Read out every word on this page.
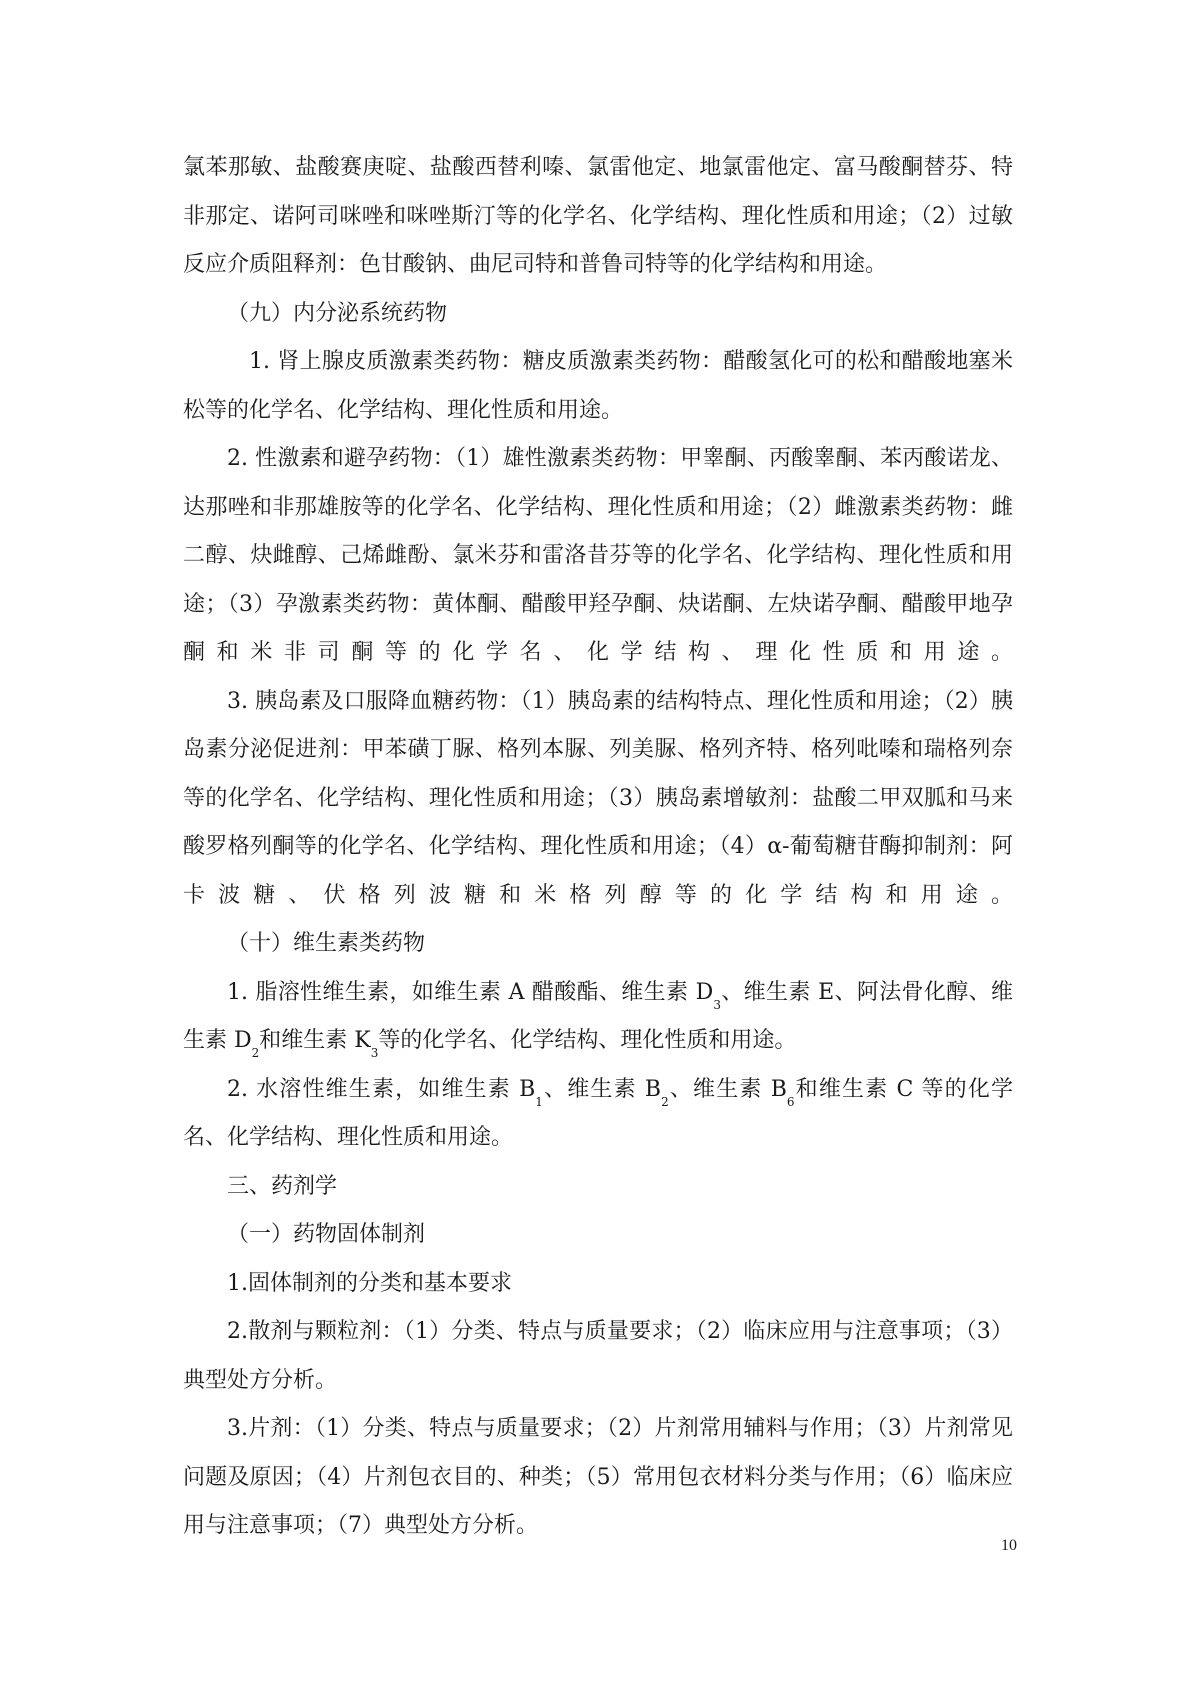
氯苯那敏、盐酸赛庚啶、盐酸西替利嗪、氯雷他定、地氯雷他定、富马酸酮替芬、特非那定、诺阿司咪唑和咪唑斯汀等的化学名、化学结构、理化性质和用途；（2）过敏反应介质阻释剂：色甘酸钠、曲尼司特和普鲁司特等的化学结构和用途。

（九）内分泌系统药物

1. 肾上腺皮质激素类药物：糖皮质激素类药物：醋酸氢化可的松和醋酸地塞米松等的化学名、化学结构、理化性质和用途。

2. 性激素和避孕药物：（1）雄性激素类药物：甲睾酮、丙酸睾酮、苯丙酸诺龙、达那唑和非那雄胺等的化学名、化学结构、理化性质和用途；（2）雌激素类药物：雌二醇、炔雌醇、己烯雌酚、氯米芬和雷洛昔芬等的化学名、化学结构、理化性质和用途；（3）孕激素类药物：黄体酮、醋酸甲羟孕酮、炔诺酮、左炔诺孕酮、醋酸甲地孕酮和米非司酮等的化学名、化学结构、理化性质和用途。

3. 胰岛素及口服降血糖药物：（1）胰岛素的结构特点、理化性质和用途；（2）胰岛素分泌促进剂：甲苯磺丁脲、格列本脲、列美脲、格列齐特、格列吡嗪和瑞格列奈等的化学名、化学结构、理化性质和用途；（3）胰岛素增敏剂：盐酸二甲双胍和马来酸罗格列酮等的化学名、化学结构、理化性质和用途；（4）α-葡萄糖苷酶抑制剂：阿卡波糖、伏格列波糖和米格列醇等的化学结构和用途。

（十）维生素类药物

1. 脂溶性维生素，如维生素 A 醋酸酯、维生素 $D_3$、维生素 E、阿法骨化醇、维生素 $D_2$和维生素 $K_3$等的化学名、化学结构、理化性质和用途。

2. 水溶性维生素，如维生素 $B_1$、维生素 $B_2$、维生素 $B_6$和维生素 C 等的化学名、化学结构、理化性质和用途。

三、药剂学

（一）药物固体制剂

1.固体制剂的分类和基本要求

2.散剂与颗粒剂：（1）分类、特点与质量要求；（2）临床应用与注意事项；（3）典型处方分析。

3.片剂：（1）分类、特点与质量要求；（2）片剂常用辅料与作用；（3）片剂常见问题及原因；（4）片剂包衣目的、种类；（5）常用包衣材料分类与作用；（6）临床应用与注意事项；（7）典型处方分析。

10
